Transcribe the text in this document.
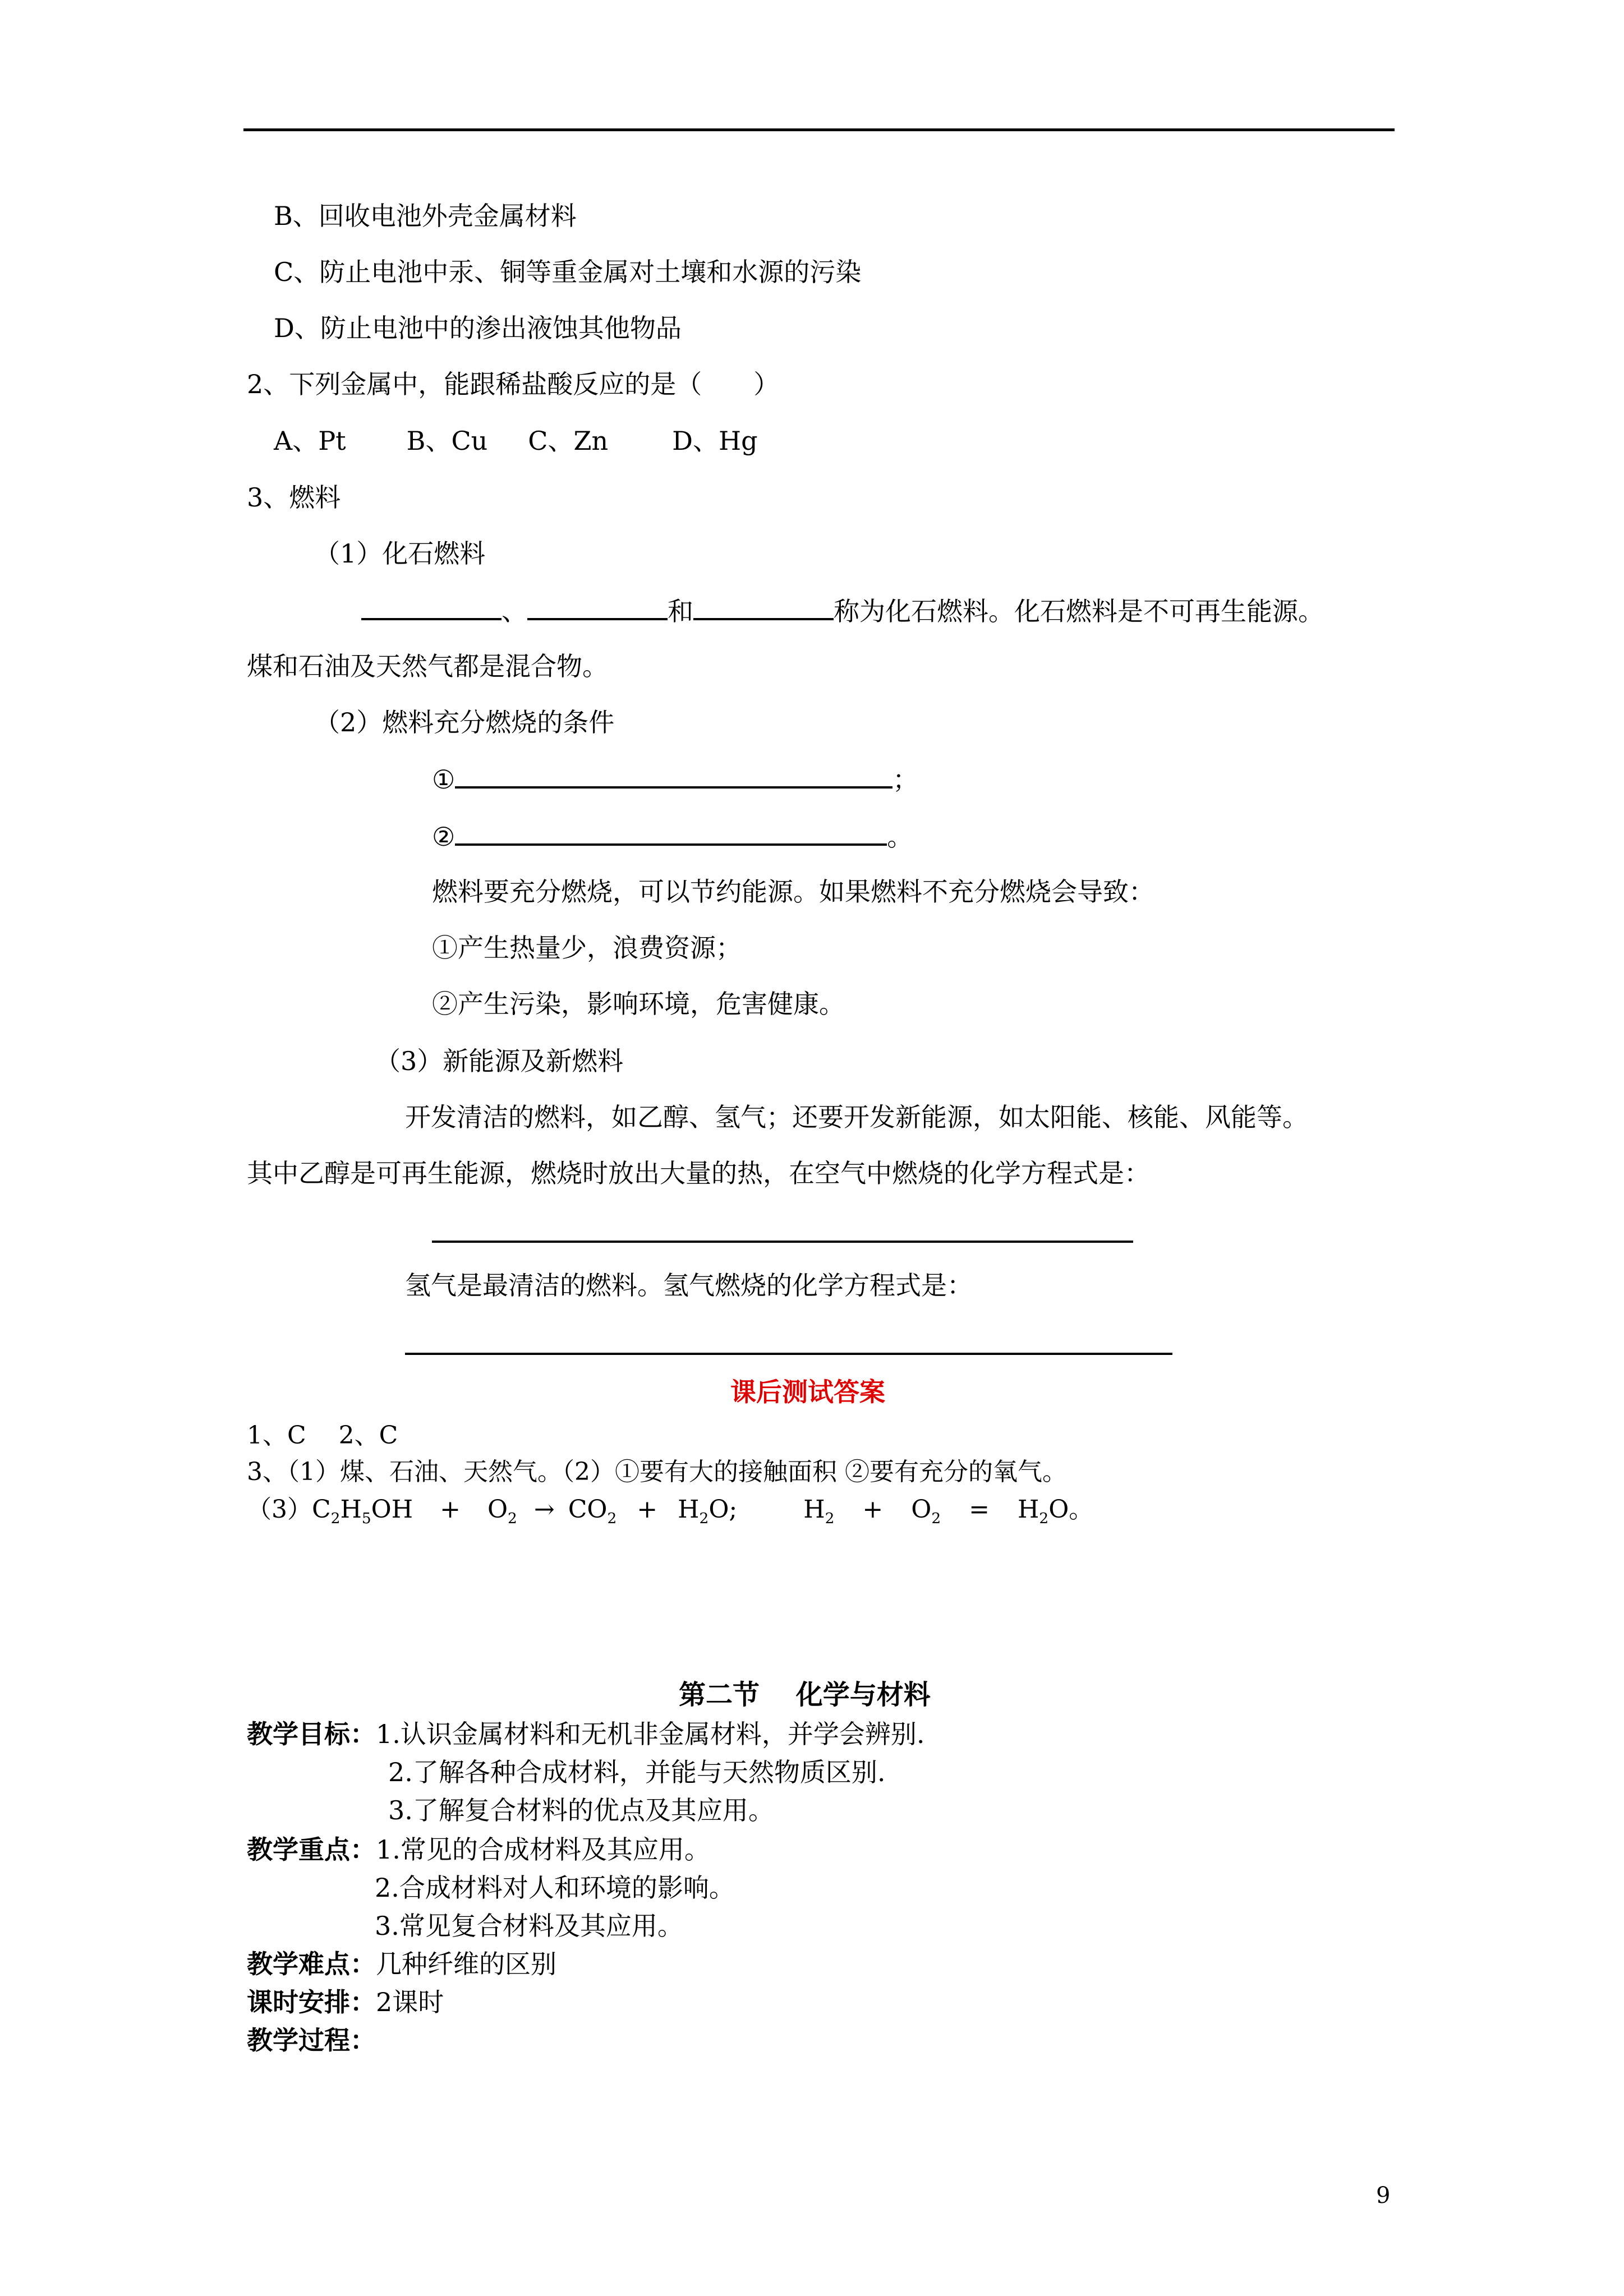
B、回收电池外壳金属材料
C、防止电池中汞、铜等重金属对土壤和水源的污染
D、防止电池中的渗出液蚀其他物品
2、下列金属中，能跟稀盐酸反应的是（　　）
A、Pt B、Cu C、Zn D、Hg
3、燃料
（1）化石燃料
、	和	称为化石燃料。化石燃料是不可再生能源。
煤和石油及天然气都是混合物。
（2）燃料充分燃烧的条件
①	；
②	。
燃料要充分燃烧，可以节约能源。如果燃料不充分燃烧会导致：
①产生热量少，浪费资源；
②产生污染，影响环境，危害健康。
（3）新能源及新燃料
开发清洁的燃料，如乙醇、氢气；还要开发新能源，如太阳能、核能、风能等。
其中乙醇是可再生能源，燃烧时放出大量的热，在空气中燃烧的化学方程式是：
氢气是最清洁的燃料。氢气燃烧的化学方程式是：
课后测试答案
1、C　 2、C
3、（1）煤、石油、天然气。（2）①要有大的接触面积 ②要有充分的氧气。
$(3)C_2H_5OH + O_2 \to CO_2 + H_2O$;	$H_2 + O_2 = H_2O$。
第二节　 化学与材料
教学目标：1.认识金属材料和无机非金属材料，并学会辨别.
2.了解各种合成材料，并能与天然物质区别.
3.了解复合材料的优点及其应用。
教学重点：1.常见的合成材料及其应用。
2.合成材料对人和环境的影响。
3.常见复合材料及其应用。
教学难点：几种纤维的区别
课时安排：2课时
教学过程：
9
